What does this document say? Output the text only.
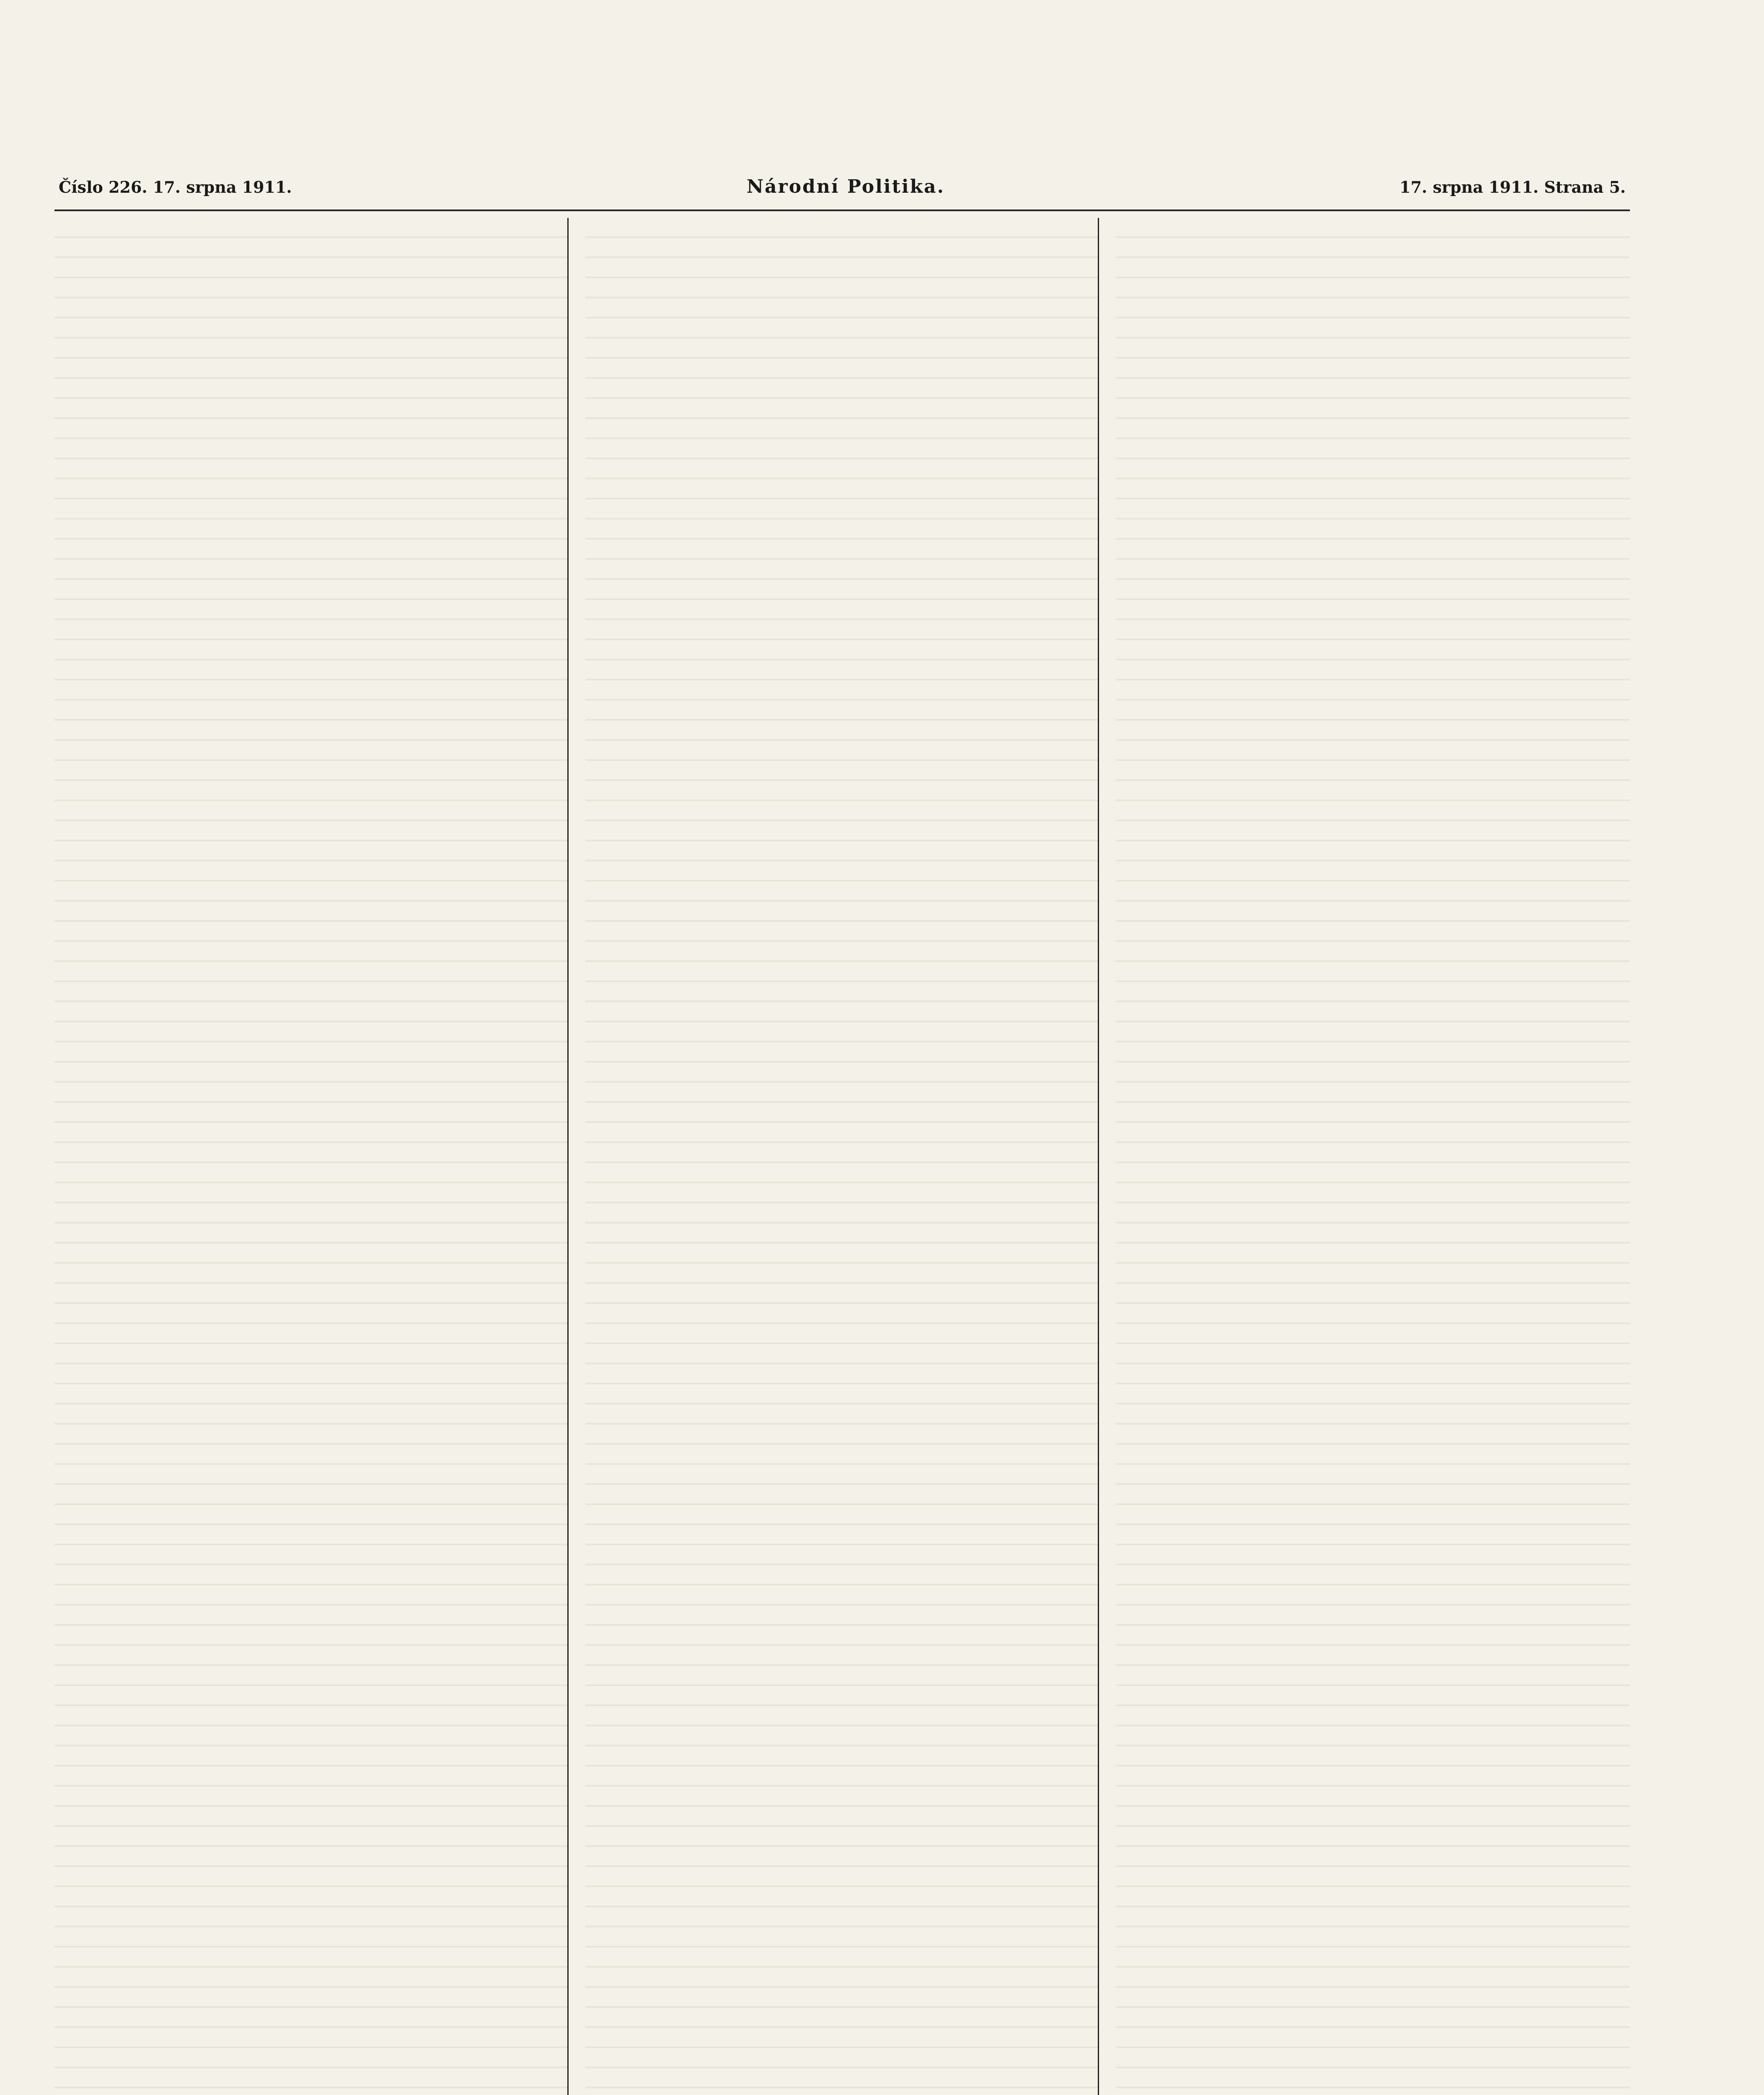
Číslo 226. 17. srpna 1911.	Národní Politika.	17. srpna 1911. Strana 5.
